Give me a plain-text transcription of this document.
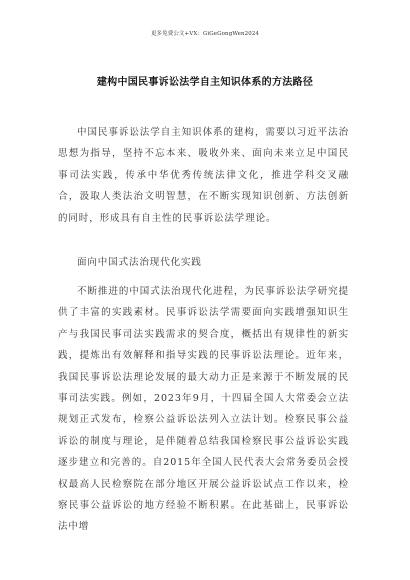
更多免费公文+VX：GiGeGongWen2024
建构中国民事诉讼法学自主知识体系的方法路径

中国民事诉讼法学自主知识体系的建构，需要以习近平法治思想为指导，坚持不忘本来、吸收外来、面向未来立足中国民事司法实践，传承中华优秀传统法律文化，推进学科交叉融合，汲取人类法治文明智慧，在不断实现知识创新、方法创新的同时，形成具有自主性的民事诉讼法学理论。

面向中国式法治现代化实践

不断推进的中国式法治现代化进程，为民事诉讼法学研究提供了丰富的实践素材。民事诉讼法学需要面向实践增强知识生产与我国民事司法实践需求的契合度，概括出有规律性的新实践，提炼出有效解释和指导实践的民事诉讼法理论。近年来，我国民事诉讼法理论发展的最大动力正是来源于不断发展的民事司法实践。例如，2023年9月，十四届全国人大常委会立法规划正式发布，检察公益诉讼法列入立法计划。检察民事公益诉讼的制度与理论，是伴随着总结我国检察民事公益诉讼实践逐步建立和完善的。自2015年全国人民代表大会常务委员会授权最高人民检察院在部分地区开展公益诉讼试点工作以来，检察民事公益诉讼的地方经验不断积累。在此基础上，民事诉讼法中增
